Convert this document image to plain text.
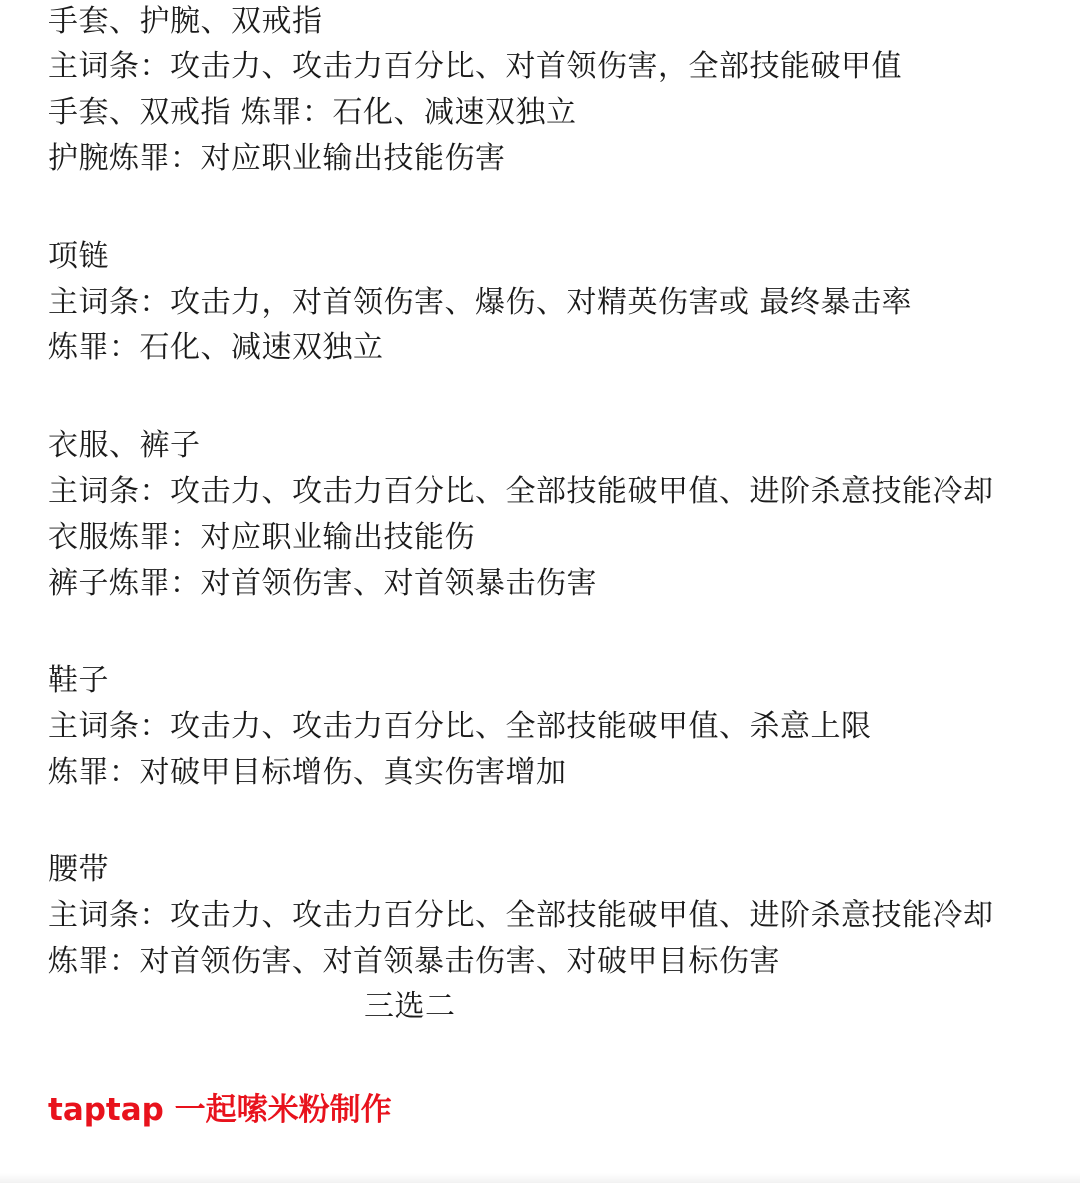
手套、护腕、双戒指
主词条：攻击力、攻击力百分比、对首领伤害，全部技能破甲值
手套、双戒指 炼罪：石化、减速双独立
护腕炼罪：对应职业输出技能伤害
项链
主词条：攻击力，对首领伤害、爆伤、对精英伤害或 最终暴击率
炼罪：石化、减速双独立
衣服、裤子
主词条：攻击力、攻击力百分比、全部技能破甲值、进阶杀意技能冷却
衣服炼罪：对应职业输出技能伤
裤子炼罪：对首领伤害、对首领暴击伤害
鞋子
主词条：攻击力、攻击力百分比、全部技能破甲值、杀意上限
炼罪：对破甲目标增伤、真实伤害增加
腰带
主词条：攻击力、攻击力百分比、全部技能破甲值、进阶杀意技能冷却
炼罪：对首领伤害、对首领暴击伤害、对破甲目标伤害
三选二
taptap 一起嗦米粉制作
